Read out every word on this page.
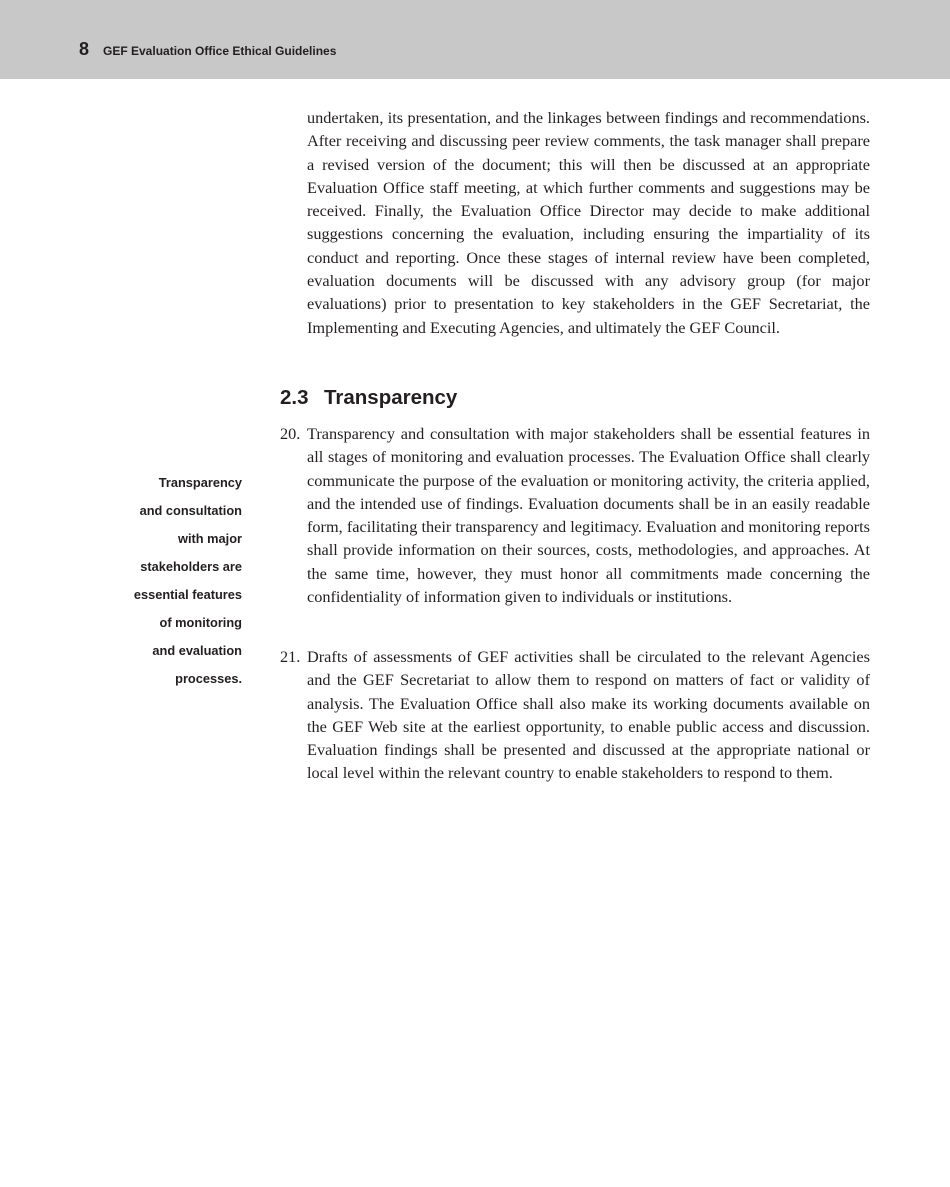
8 GEF Evaluation Office Ethical Guidelines

undertaken, its presentation, and the linkages between findings and recommendations. After receiving and discussing peer review comments, the task manager shall prepare a revised version of the document; this will then be discussed at an appropriate Evaluation Office staff meeting, at which further comments and suggestions may be received. Finally, the Evaluation Office Director may decide to make additional suggestions concerning the evaluation, including ensuring the impartiality of its conduct and reporting. Once these stages of internal review have been completed, evaluation documents will be discussed with any advisory group (for major evaluations) prior to presentation to key stakeholders in the GEF Secretariat, the Implementing and Executing Agencies, and ultimately the GEF Council.

2.3 Transparency
20. Transparency and consultation with major stakeholders shall be essential features in all stages of monitoring and evaluation processes. The Evaluation Office shall clearly communicate the purpose of the evaluation or monitoring activity, the criteria applied, and the intended use of findings. Evaluation documents shall be in an easily readable form, facilitating their transparency and legitimacy. Evaluation and monitoring reports shall provide information on their sources, costs, methodologies, and approaches. At the same time, however, they must honor all commitments made concerning the confidentiality of information given to individuals or institutions.

21. Drafts of assessments of GEF activities shall be circulated to the relevant Agencies and the GEF Secretariat to allow them to respond on matters of fact or validity of analysis. The Evaluation Office shall also make its working documents available on the GEF Web site at the earliest opportunity, to enable public access and discussion. Evaluation findings shall be presented and discussed at the appropriate national or local level within the relevant country to enable stakeholders to respond to them.

Transparency
and consultation
with major
stakeholders are
essential features
of monitoring
and evaluation
processes.
